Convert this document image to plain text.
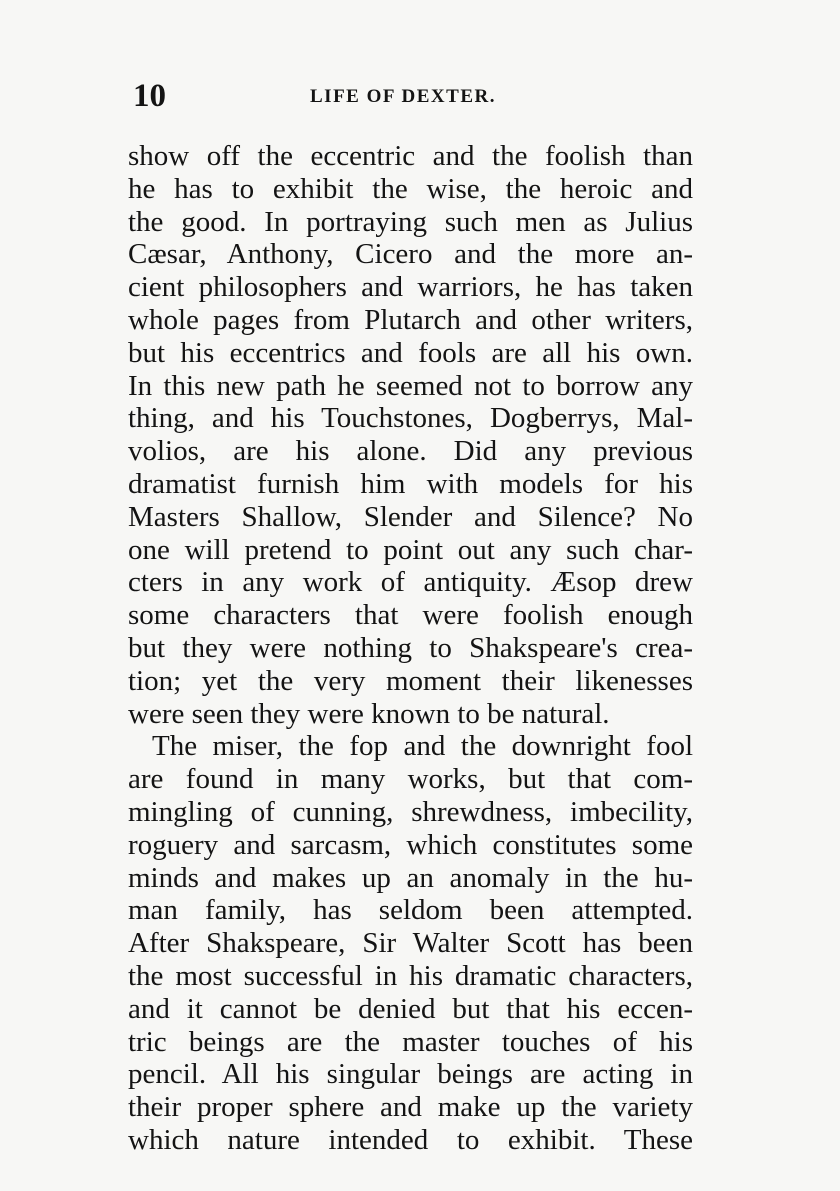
10	LIFE OF DEXTER.
show off the eccentric and the foolish than
he has to exhibit the wise, the heroic and
the good. In portraying such men as Julius
Cæsar, Anthony, Cicero and the more an-
cient philosophers and warriors, he has taken
whole pages from Plutarch and other writers,
but his eccentrics and fools are all his own.
In this new path he seemed not to borrow any
thing, and his Touchstones, Dogberrys, Mal-
volios, are his alone. Did any previous
dramatist furnish him with models for his
Masters Shallow, Slender and Silence? No
one will pretend to point out any such char-
cters in any work of antiquity. Æsop drew
some characters that were foolish enough
but they were nothing to Shakspeare's crea-
tion; yet the very moment their likenesses
were seen they were known to be natural.
The miser, the fop and the downright fool
are found in many works, but that com-
mingling of cunning, shrewdness, imbecility,
roguery and sarcasm, which constitutes some
minds and makes up an anomaly in the hu-
man family, has seldom been attempted.
After Shakspeare, Sir Walter Scott has been
the most successful in his dramatic characters,
and it cannot be denied but that his eccen-
tric beings are the master touches of his
pencil. All his singular beings are acting in
their proper sphere and make up the variety
which nature intended to exhibit. These
